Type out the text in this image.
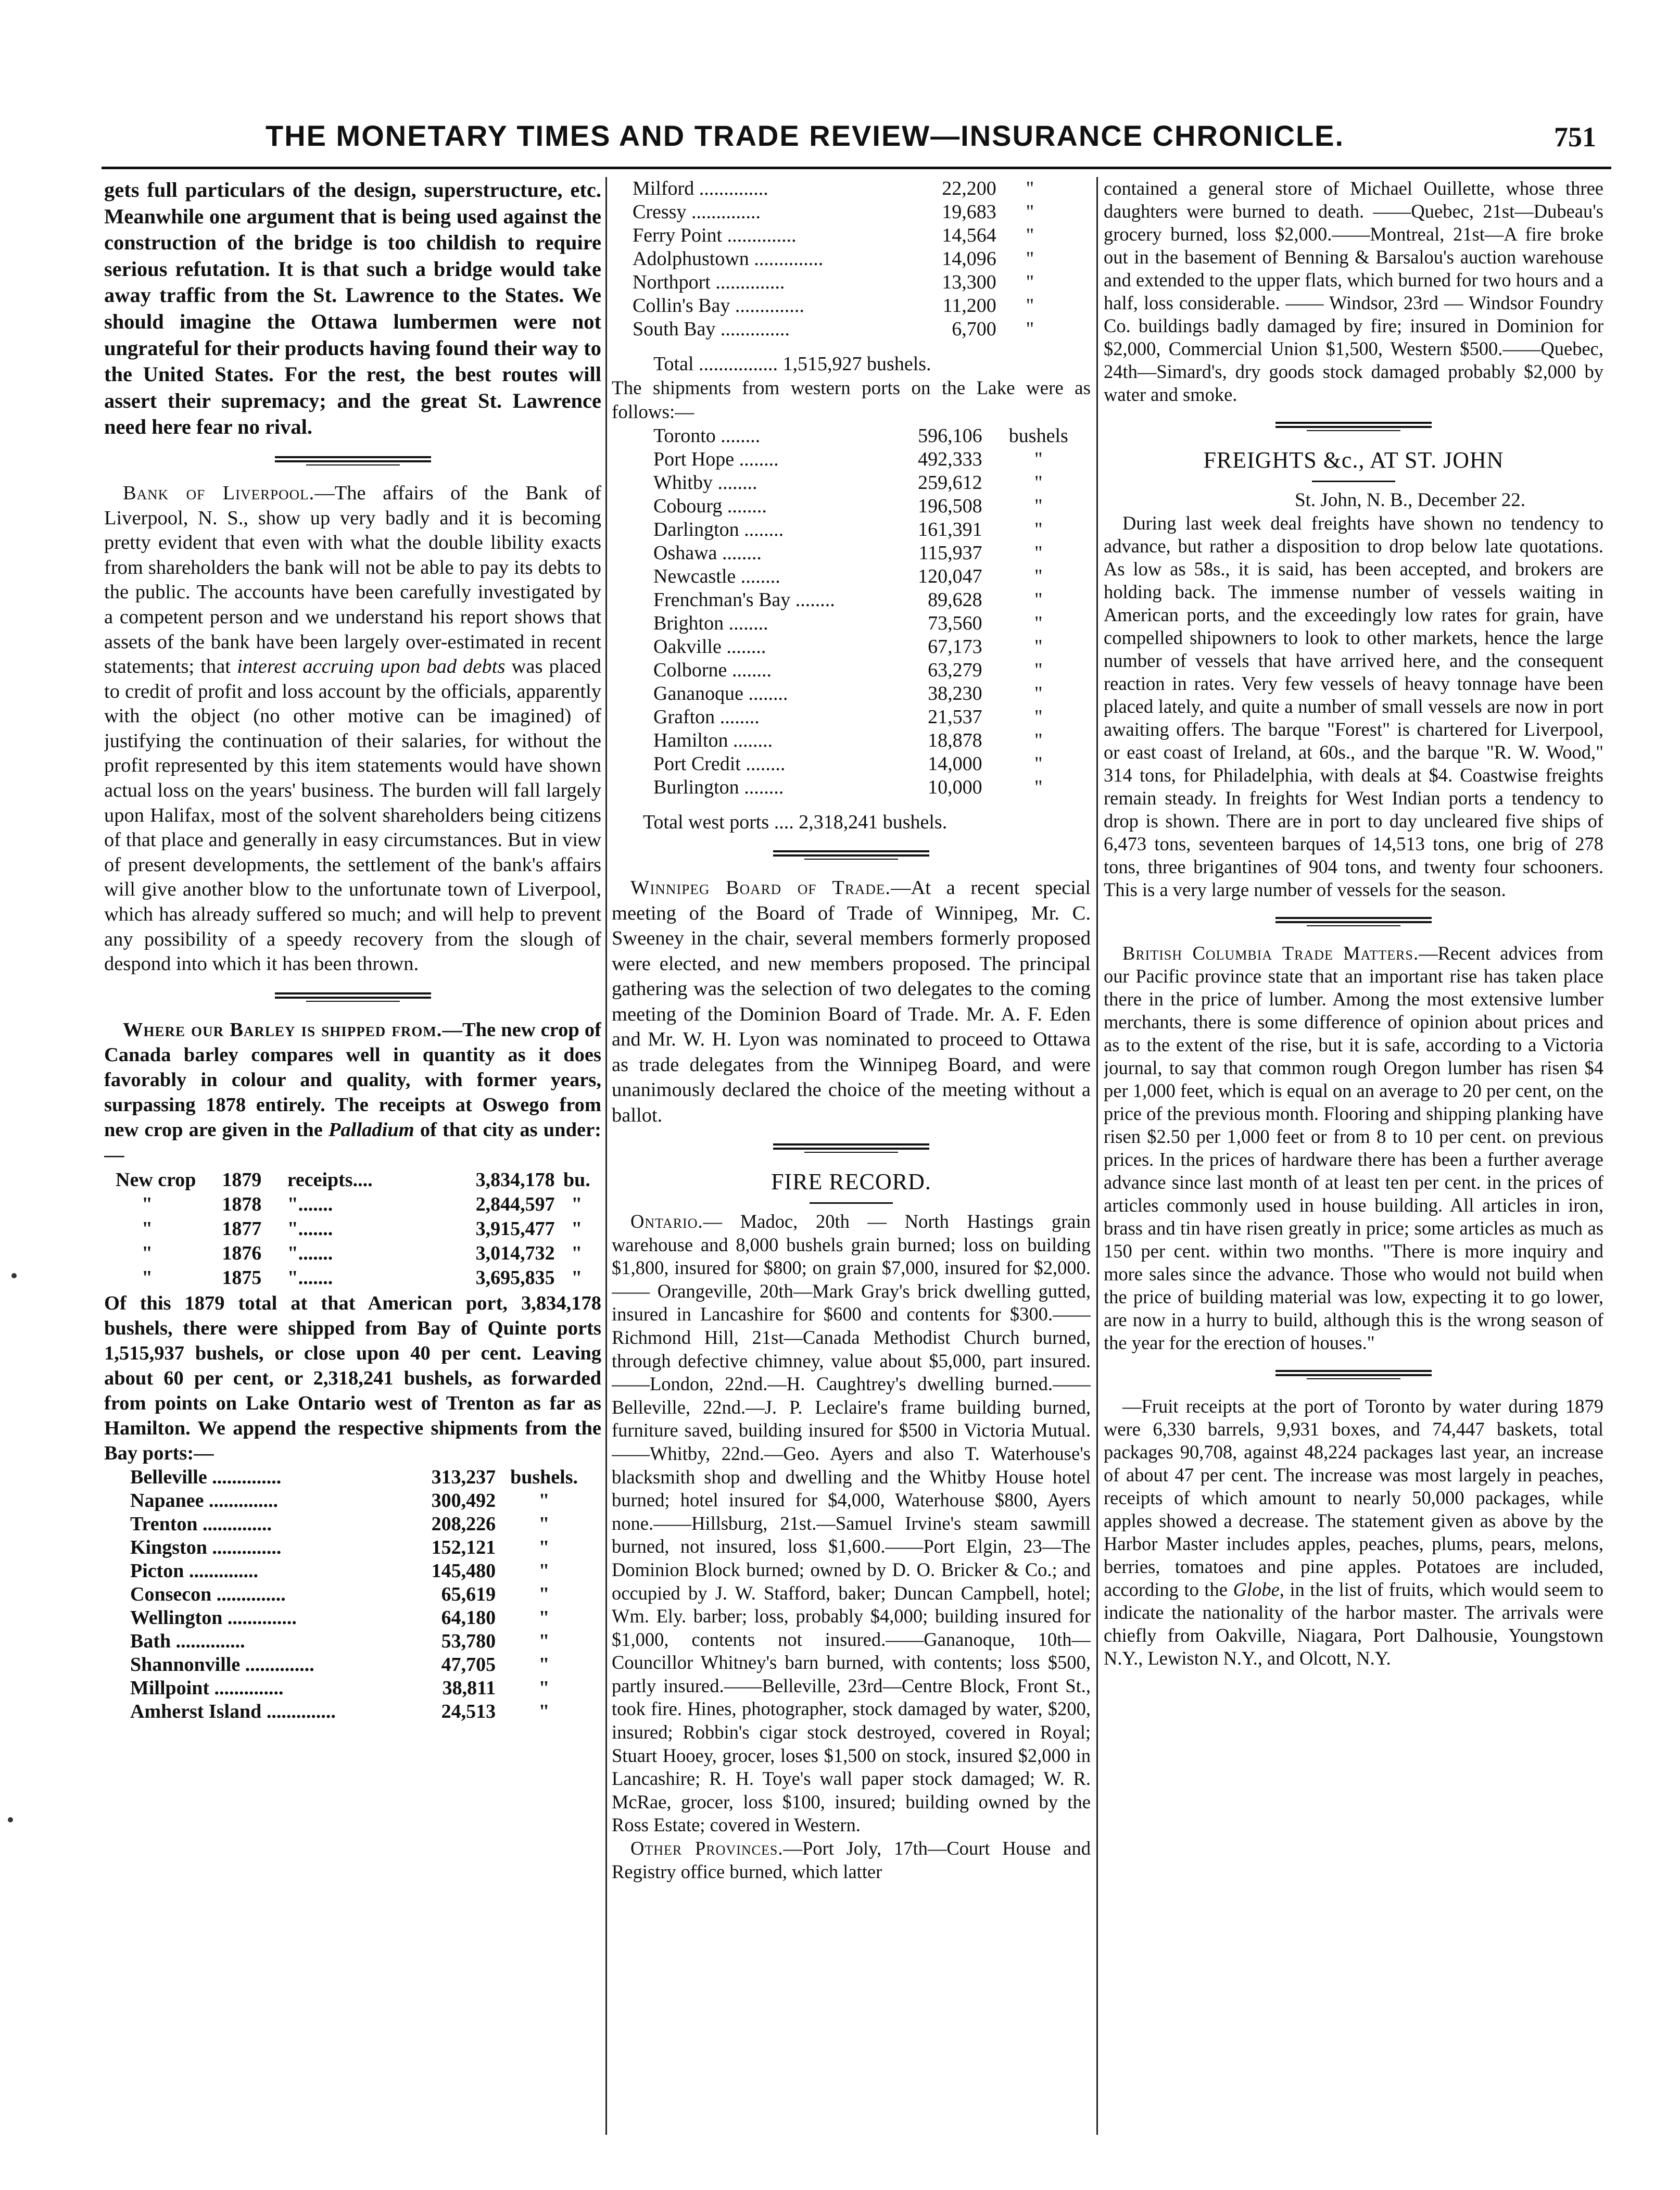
THE MONETARY TIMES AND TRADE REVIEW—INSURANCE CHRONICLE.	751

gets full particulars of the design, superstructure, etc. Meanwhile one argument that is being used against the construction of the bridge is too childish to require serious refutation. It is that such a bridge would take away traffic from the St. Lawrence to the States. We should imagine the Ottawa lumbermen were not ungrateful for their products having found their way to the United States. For the rest, the best routes will assert their supremacy; and the great St. Lawrence need here fear no rival.

Bank of Liverpool.—The affairs of the Bank of Liverpool, N. S., show up very badly and it is becoming pretty evident that even with what the double libility exacts from shareholders the bank will not be able to pay its debts to the public. The accounts have been carefully investigated by a competent person and we understand his report shows that assets of the bank have been largely over-estimated in recent statements; that interest accruing upon bad debts was placed to credit of profit and loss account by the officials, apparently with the object (no other motive can be imagined) of justifying the continuation of their salaries, for without the profit represented by this item statements would have shown actual loss on the years' business. The burden will fall largely upon Halifax, most of the solvent shareholders being citizens of that place and generally in easy circumstances. But in view of present developments, the settlement of the bank's affairs will give another blow to the unfortunate town of Liverpool, which has already suffered so much; and will help to prevent any possibility of a speedy recovery from the slough of despond into which it has been thrown.

Where our Barley is shipped from.—The new crop of Canada barley compares well in quantity as it does favorably in colour and quality, with former years, surpassing 1878 entirely. The receipts at Oswego from new crop are given in the Palladium of that city as under:—

New crop	1879	receipts....	3,834,178	bu.
"	1878	".......	2,844,597	"
"	1877	".......	3,915,477	"
"	1876	".......	3,014,732	"
"	1875	".......	3,695,835	"

Of this 1879 total at that American port, 3,834,178 bushels, there were shipped from Bay of Quinte ports 1,515,937 bushels, or close upon 40 per cent. Leaving about 60 per cent, or 2,318,241 bushels, as forwarded from points on Lake Ontario west of Trenton as far as Hamilton. We append the respective shipments from the Bay ports:—

Belleville ..............	313,237	bushels.
Napanee ..............	300,492	"
Trenton ..............	208,226	"
Kingston ..............	152,121	"
Picton ..............	145,480	"
Consecon ..............	65,619	"
Wellington ..............	64,180	"
Bath ..............	53,780	"
Shannonville ..............	47,705	"
Millpoint ..............	38,811	"
Amherst Island ..............	24,513	"
Milford ..............	22,200	"
Cressy ..............	19,683	"
Ferry Point ..............	14,564	"
Adolphustown ..............	14,096	"
Northport ..............	13,300	"
Collin's Bay ..............	11,200	"
South Bay ..............	6,700	"
Total ................ 1,515,927 bushels.

The shipments from western ports on the Lake were as follows:—

Toronto ........	596,106	bushels
Port Hope ........	492,333	"
Whitby ........	259,612	"
Cobourg ........	196,508	"
Darlington ........	161,391	"
Oshawa ........	115,937	"
Newcastle ........	120,047	"
Frenchman's Bay ........	89,628	"
Brighton ........	73,560	"
Oakville ........	67,173	"
Colborne ........	63,279	"
Gananoque ........	38,230	"
Grafton ........	21,537	"
Hamilton ........	18,878	"
Port Credit ........	14,000	"
Burlington ........	10,000	"
Total west ports .... 2,318,241 bushels.

Winnipeg Board of Trade.—At a recent special meeting of the Board of Trade of Winnipeg, Mr. C. Sweeney in the chair, several members formerly proposed were elected, and new members proposed. The principal gathering was the selection of two delegates to the coming meeting of the Dominion Board of Trade. Mr. A. F. Eden and Mr. W. H. Lyon was nominated to proceed to Ottawa as trade delegates from the Winnipeg Board, and were unanimously declared the choice of the meeting without a ballot.

FIRE RECORD.

Ontario.— Madoc, 20th — North Hastings grain warehouse and 8,000 bushels grain burned; loss on building $1,800, insured for $800; on grain $7,000, insured for $2,000. —— Orangeville, 20th—Mark Gray's brick dwelling gutted, insured in Lancashire for $600 and contents for $300.——Richmond Hill, 21st—Canada Methodist Church burned, through defective chimney, value about $5,000, part insured.——London, 22nd.—H. Caughtrey's dwelling burned.——Belleville, 22nd.—J. P. Leclaire's frame building burned, furniture saved, building insured for $500 in Victoria Mutual.——Whitby, 22nd.—Geo. Ayers and also T. Waterhouse's blacksmith shop and dwelling and the Whitby House hotel burned; hotel insured for $4,000, Waterhouse $800, Ayers none.——Hillsburg, 21st.—Samuel Irvine's steam sawmill burned, not insured, loss $1,600.——Port Elgin, 23—The Dominion Block burned; owned by D. O. Bricker & Co.; and occupied by J. W. Stafford, baker; Duncan Campbell, hotel; Wm. Ely. barber; loss, probably $4,000; building insured for $1,000, contents not insured.——Gananoque, 10th—Councillor Whitney's barn burned, with contents; loss $500, partly insured.——Belleville, 23rd—Centre Block, Front St., took fire. Hines, photographer, stock damaged by water, $200, insured; Robbin's cigar stock destroyed, covered in Royal; Stuart Hooey, grocer, loses $1,500 on stock, insured $2,000 in Lancashire; R. H. Toye's wall paper stock damaged; W. R. McRae, grocer, loss $100, insured; building owned by the Ross Estate; covered in Western.

Other Provinces.—Port Joly, 17th—Court House and Registry office burned, which latter

contained a general store of Michael Ouillette, whose three daughters were burned to death. ——Quebec, 21st—Dubeau's grocery burned, loss $2,000.——Montreal, 21st—A fire broke out in the basement of Benning & Barsalou's auction warehouse and extended to the upper flats, which burned for two hours and a half, loss considerable. —— Windsor, 23rd — Windsor Foundry Co. buildings badly damaged by fire; insured in Dominion for $2,000, Commercial Union $1,500, Western $500.——Quebec, 24th—Simard's, dry goods stock damaged probably $2,000 by water and smoke.

FREIGHTS &c., AT ST. JOHN
St. John, N. B., December 22.

During last week deal freights have shown no tendency to advance, but rather a disposition to drop below late quotations. As low as 58s., it is said, has been accepted, and brokers are holding back. The immense number of vessels waiting in American ports, and the exceedingly low rates for grain, have compelled shipowners to look to other markets, hence the large number of vessels that have arrived here, and the consequent reaction in rates. Very few vessels of heavy tonnage have been placed lately, and quite a number of small vessels are now in port awaiting offers. The barque "Forest" is chartered for Liverpool, or east coast of Ireland, at 60s., and the barque "R. W. Wood," 314 tons, for Philadelphia, with deals at $4. Coastwise freights remain steady. In freights for West Indian ports a tendency to drop is shown. There are in port to day uncleared five ships of 6,473 tons, seventeen barques of 14,513 tons, one brig of 278 tons, three brigantines of 904 tons, and twenty four schooners. This is a very large number of vessels for the season.

British Columbia Trade Matters.—Recent advices from our Pacific province state that an important rise has taken place there in the price of lumber. Among the most extensive lumber merchants, there is some difference of opinion about prices and as to the extent of the rise, but it is safe, according to a Victoria journal, to say that common rough Oregon lumber has risen $4 per 1,000 feet, which is equal on an average to 20 per cent, on the price of the previous month. Flooring and shipping planking have risen $2.50 per 1,000 feet or from 8 to 10 per cent. on previous prices. In the prices of hardware there has been a further average advance since last month of at least ten per cent. in the prices of articles commonly used in house building. All articles in iron, brass and tin have risen greatly in price; some articles as much as 150 per cent. within two months. "There is more inquiry and more sales since the advance. Those who would not build when the price of building material was low, expecting it to go lower, are now in a hurry to build, although this is the wrong season of the year for the erection of houses."

—Fruit receipts at the port of Toronto by water during 1879 were 6,330 barrels, 9,931 boxes, and 74,447 baskets, total packages 90,708, against 48,224 packages last year, an increase of about 47 per cent. The increase was most largely in peaches, receipts of which amount to nearly 50,000 packages, while apples showed a decrease. The statement given as above by the Harbor Master includes apples, peaches, plums, pears, melons, berries, tomatoes and pine apples. Potatoes are included, according to the Globe, in the list of fruits, which would seem to indicate the nationality of the harbor master. The arrivals were chiefly from Oakville, Niagara, Port Dalhousie, Youngstown N.Y., Lewiston N.Y., and Olcott, N.Y.
